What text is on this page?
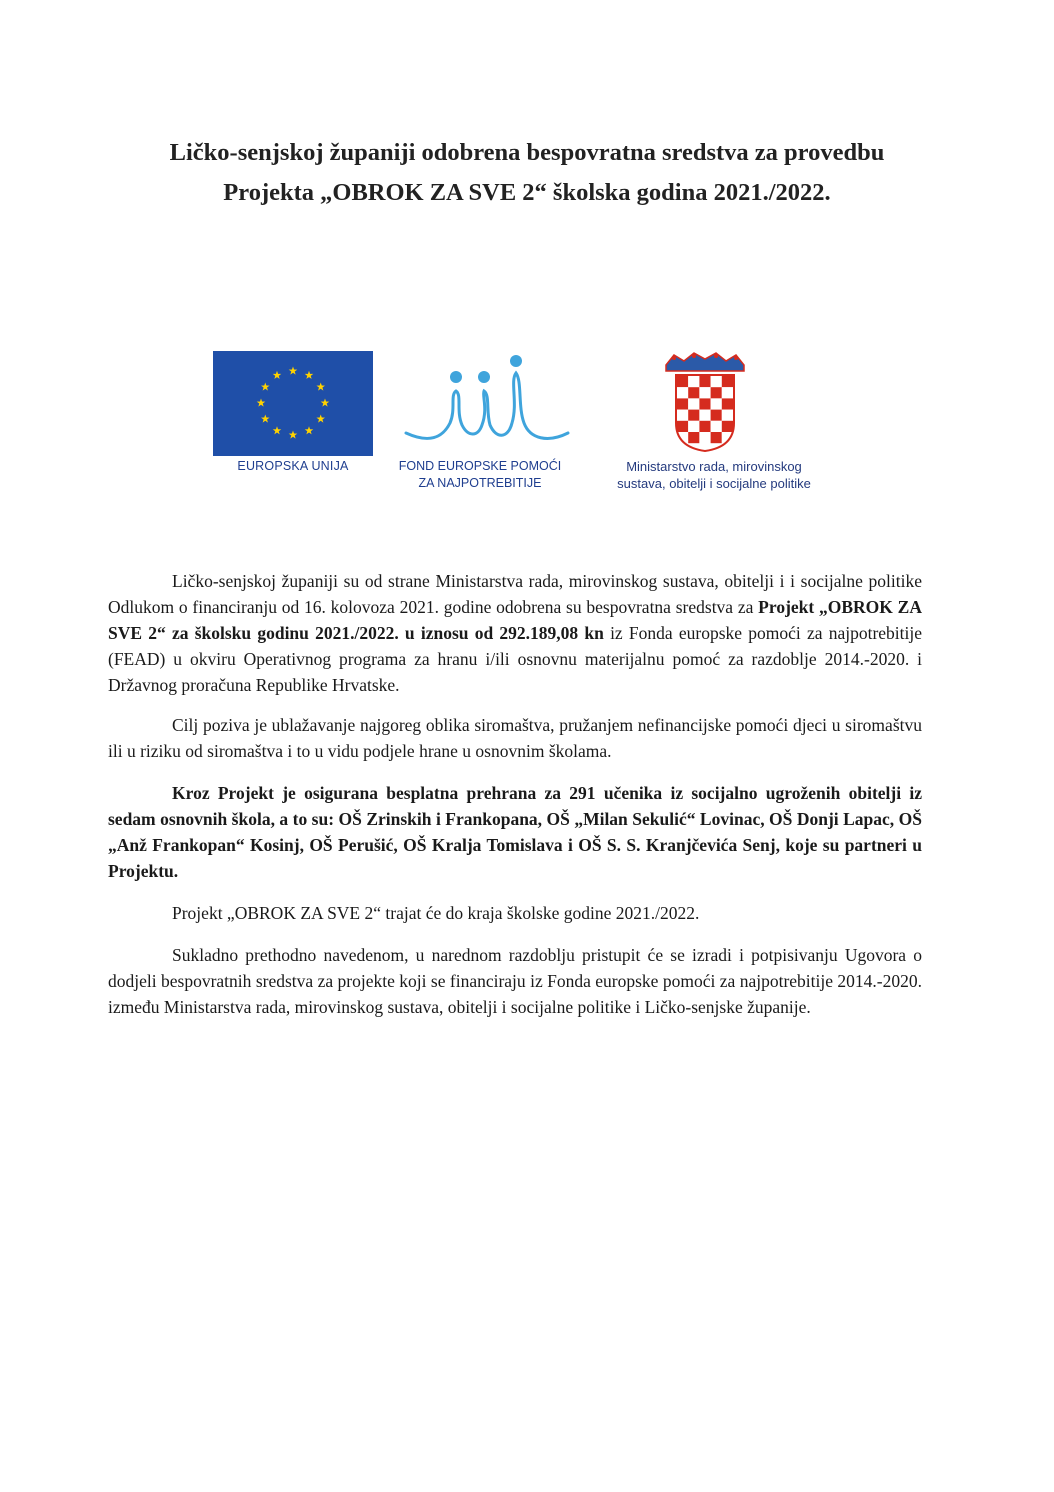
Ličko-senjskoj županiji odobrena bespovratna sredstva za provedbu
Projekta „OBROK ZA SVE 2“ školska godina 2021./2022.
EUROPSKA UNIJA	FOND EUROPSKE POMOĆI
ZA NAJPOTREBITIJE
Ministarstvo rada, mirovinskog
sustava, obitelji i socijalne politike

Ličko-senjskoj županiji su od strane Ministarstva rada, mirovinskog sustava, obitelji i i socijalne politike Odlukom o financiranju od 16. kolovoza 2021. godine odobrena su bespovratna sredstva za Projekt „OBROK ZA SVE 2“ za školsku godinu 2021./2022. u iznosu od 292.189,08 kn iz Fonda europske pomoći za najpotrebitije (FEAD) u okviru Operativnog programa za hranu i/ili osnovnu materijalnu pomoć za razdoblje 2014.-2020. i Državnog proračuna Republike Hrvatske.

Cilj poziva je ublažavanje najgoreg oblika siromaštva, pružanjem nefinancijske pomoći djeci u siromaštvu ili u riziku od siromaštva i to u vidu podjele hrane u osnovnim školama.

Kroz Projekt je osigurana besplatna prehrana za 291 učenika iz socijalno ugroženih obitelji iz sedam osnovnih škola, a to su: OŠ Zrinskih i Frankopana, OŠ „Milan Sekulić“ Lovinac, OŠ Donji Lapac, OŠ „Anž Frankopan“ Kosinj, OŠ Perušić, OŠ Kralja Tomislava i OŠ S. S. Kranjčevića Senj, koje su partneri u Projektu.

Projekt „OBROK ZA SVE 2“ trajat će do kraja školske godine 2021./2022.

Sukladno prethodno navedenom, u narednom razdoblju pristupit će se izradi i potpisivanju Ugovora o dodjeli bespovratnih sredstva za projekte koji se financiraju iz Fonda europske pomoći za najpotrebitije 2014.-2020. između Ministarstva rada, mirovinskog sustava, obitelji i socijalne politike i Ličko-senjske županije.
